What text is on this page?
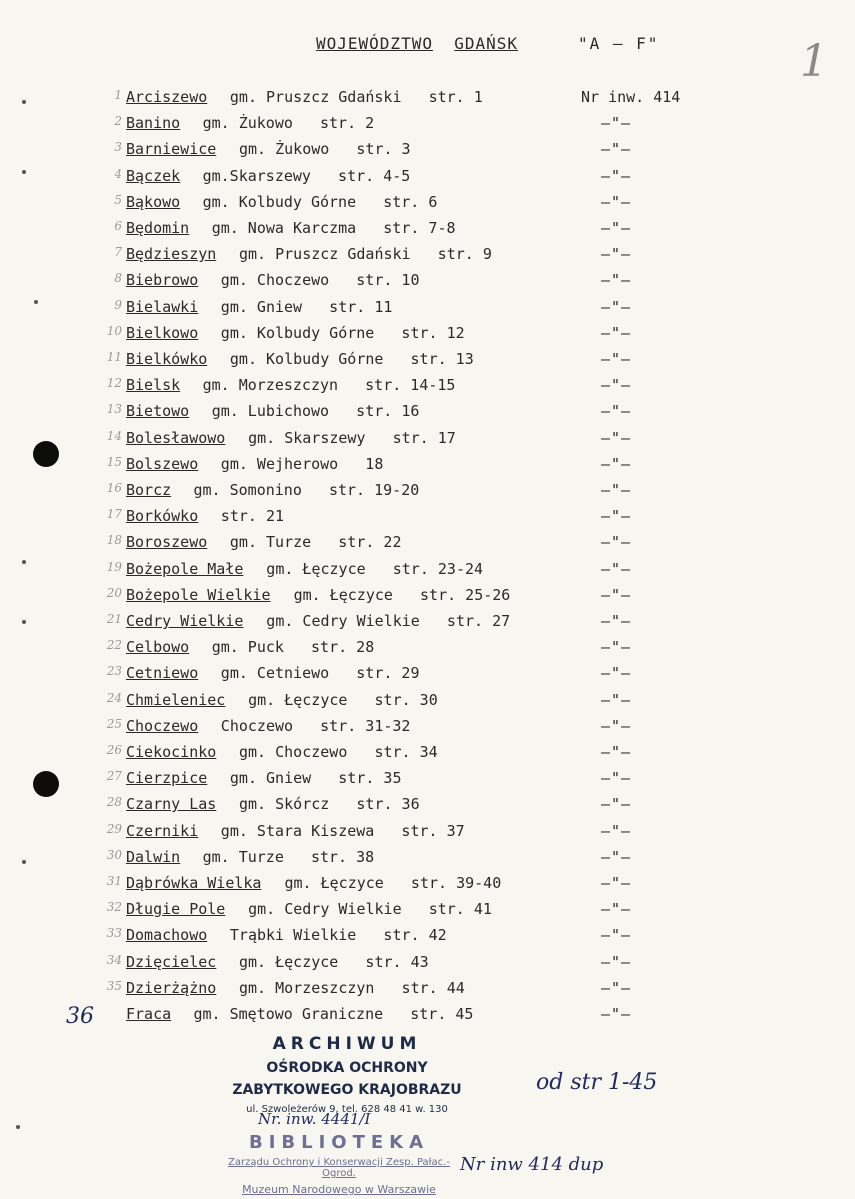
WOJEWÓDZTWO GDAŃSK	"A – F"	1
1 Arciszewo gm. Pruszcz Gdański   str. 1	Nr inw. 414
2 Banino gm. Żukowo   str. 2	–"–
3 Barniewice gm. Żukowo   str. 3	–"–
4 Bączek gm.Skarszewy   str. 4-5	–"–
5 Bąkowo gm. Kolbudy Górne   str. 6	–"–
6 Będomin gm. Nowa Karczma   str. 7-8	–"–
7 Będzieszyn gm. Pruszcz Gdański   str. 9	–"–
8 Biebrowo gm. Choczewo   str. 10	–"–
9 Bielawki gm. Gniew   str. 11	–"–
10 Bielkowo gm. Kolbudy Górne   str. 12	–"–
11 Bielkówko gm. Kolbudy Górne   str. 13	–"–
12 Bielsk gm. Morzeszczyn   str. 14-15	–"–
13 Bietowo gm. Lubichowo   str. 16	–"–
14 Bolesławowo gm. Skarszewy   str. 17	–"–
15 Bolszewo gm. Wejherowo   18	–"–
16 Borcz gm. Somonino   str. 19-20	–"–
17 Borkówko str. 21	–"–
18 Boroszewo gm. Turze   str. 22	–"–
19 Bożepole Małe gm. Łęczyce   str. 23-24	–"–
20 Bożepole Wielkie gm. Łęczyce   str. 25-26	–"–
21 Cedry Wielkie gm. Cedry Wielkie   str. 27	–"–
22 Celbowo gm. Puck   str. 28	–"–
23 Cetniewo gm. Cetniewo   str. 29	–"–
24 Chmieleniec gm. Łęczyce   str. 30	–"–
25 Choczewo Choczewo   str. 31-32	–"–
26 Ciekocinko gm. Choczewo   str. 34	–"–
27 Cierzpice gm. Gniew   str. 35	–"–
28 Czarny Las gm. Skórcz   str. 36	–"–
29 Czerniki gm. Stara Kiszewa   str. 37	–"–
30 Dalwin gm. Turze   str. 38	–"–
31 Dąbrówka Wielka gm. Łęczyce   str. 39-40	–"–
32 Długie Pole gm. Cedry Wielkie   str. 41	–"–
33 Domachowo Trąbki Wielkie   str. 42	–"–
34 Dzięcielec gm. Łęczyce   str. 43	–"–
35 Dzierżążno gm. Morzeszczyn   str. 44	–"–
Fraca gm. Smętowo Graniczne   str. 45	–"–
36
ARCHIWUM
OŚRODKA OCHRONY
ZABYTKOWEGO KRAJOBRAZU
ul. Szwoleżerów 9, tel. 628 48 41 w. 130
od str 1-45
Nr. inw. 4441/I
Nr inw 414 dup
BIBLIOTEKA
Zarządu Ochrony i Konserwacji Zesp. Pałac.-Ogrod.
Muzeum Narodowego w Warszawie
